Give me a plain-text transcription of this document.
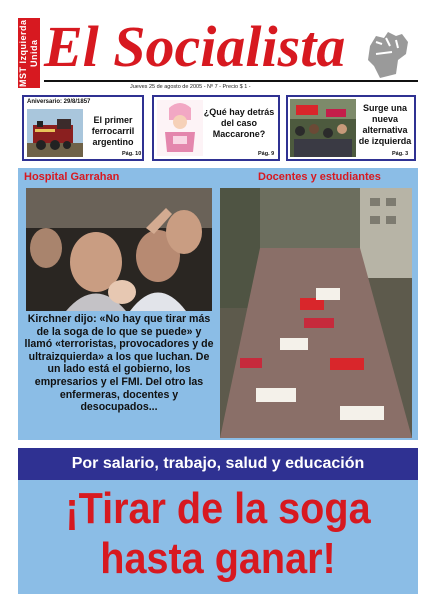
MST Izquierda Unida El Socialista
Jueves 25 de agosto de 2005 - Nº 7 - Precio $ 1 -
Aniversario: 29/8/1857
El primer ferrocarril argentino
Pág. 10
¿Qué hay detrás del caso Maccarone?
Pág. 9
Surge una nueva alternativa de izquierda
Pág. 3
Hospital Garrahan	Docentes y estudiantes
Kirchner dijo: «No hay que tirar más de la soga de lo que se puede» y llamó «terroristas, provocadores y de ultraizquierda» a los que luchan. De un lado está el gobierno, los empresarios y el FMI. Del otro las enfermeras, docentes y desocupados...
Por salario, trabajo, salud y educación
¡Tirar de la soga
hasta ganar!
